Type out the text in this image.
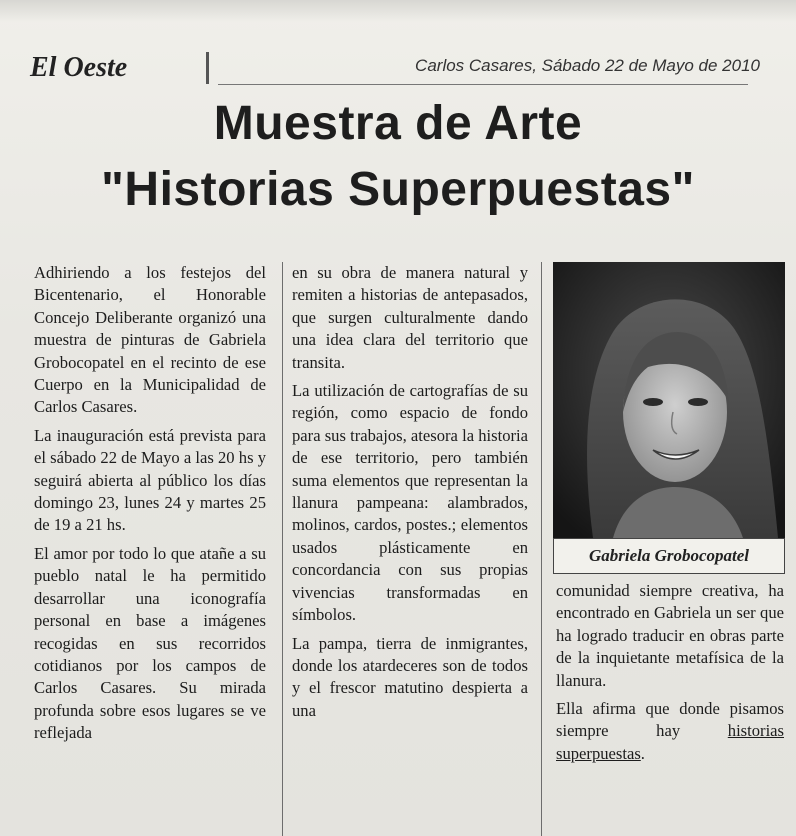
El Oeste	Carlos Casares, Sábado 22 de Mayo de 2010
Muestra de Arte
"Historias Superpuestas"

Adhiriendo a los festejos del Bicentenario, el Honorable Concejo Deliberante organizó una muestra de pinturas de Gabriela Grobocopatel en el recinto de ese Cuerpo en la Municipalidad de Carlos Casares.

La inauguración está prevista para el sábado 22 de Mayo a las 20 hs y seguirá abierta al público los días domingo 23, lunes 24 y martes 25 de 19 a 21 hs.

El amor por todo lo que atañe a su pueblo natal le ha permitido desarrollar una iconografía personal en base a imágenes recogidas en sus recorridos cotidianos por los campos de Carlos Casares. Su mirada profunda sobre esos lugares se ve reflejada

en su obra de manera natural y remiten a historias de antepasados, que surgen culturalmente dando una idea clara del territorio que transita.

La utilización de cartografías de su región, como espacio de fondo para sus trabajos, atesora la historia de ese territorio, pero también suma elementos que representan la llanura pampeana: alambrados, molinos, cardos, postes.; elementos usados plásticamente en concordancia con sus propias vivencias transformadas en símbolos.

La pampa, tierra de inmigrantes, donde los atardeceres son de todos y el frescor matutino despierta a una

Gabriela Grobocopatel

comunidad siempre creativa, ha encontrado en Gabriela un ser que ha logrado traducir en obras parte de la inquietante metafísica de la llanura.

Ella afirma que donde pisamos siempre hay historias superpuestas.
